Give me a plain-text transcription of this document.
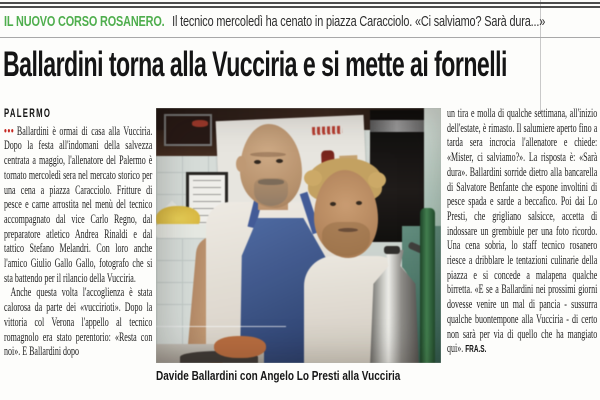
IL NUOVO CORSO ROSANERO. Il tecnico mercoledì ha cenato in piazza Caracciolo. «Ci salviamo? Sarà dura...»
Ballardini torna alla Vucciria e si mette ai fornelli

PALERMO

••• Ballardini è ormai di casa alla Vucciria. Dopo la festa all'indomani della salvezza centrata a maggio, l'allenatore del Palermo è tornato mercoledì sera nel mercato storico per una cena a piazza Caracciolo. Fritture di pesce e carne arrostita nel menù del tecnico accompagnato dal vice Carlo Regno, dal preparatore atletico Andrea Rinaldi e dal tattico Stefano Melandri. Con loro anche l'amico Giulio Gallo Gallo, fotografo che si sta battendo per il rilancio della Vucciria.

Anche questa volta l'accoglienza è stata calorosa da parte dei «vuccirioti». Dopo la vittoria col Verona l'appello al tecnico romagnolo era stato perentorio: «Resta con noi». E Ballardini dopo

Davide Ballardini con Angelo Lo Presti alla Vucciria

un tira e molla di qualche settimana, all'inizio dell'estate, è rimasto. Il salumiere aperto fino a tarda sera incrocia l'allenatore e chiede: «Mister, ci salviamo?». La risposta è: «Sarà dura». Ballardini sorride dietro alla bancarella di Salvatore Benfante che espone involtini di pesce spada e sarde a beccafico. Poi dai Lo Presti, che grigliano salsicce, accetta di indossare un grembiule per una foto ricordo. Una cena sobria, lo staff tecnico rosanero riesce a dribblare le tentazioni culinarie della piazza e si concede a malapena qualche birretta. «E se a Ballardini nei prossimi giorni dovesse venire un mal di pancia - sussurra qualche buontempone alla Vucciria - di certo non sarà per via di quello che ha mangiato qui». FRA.S.
